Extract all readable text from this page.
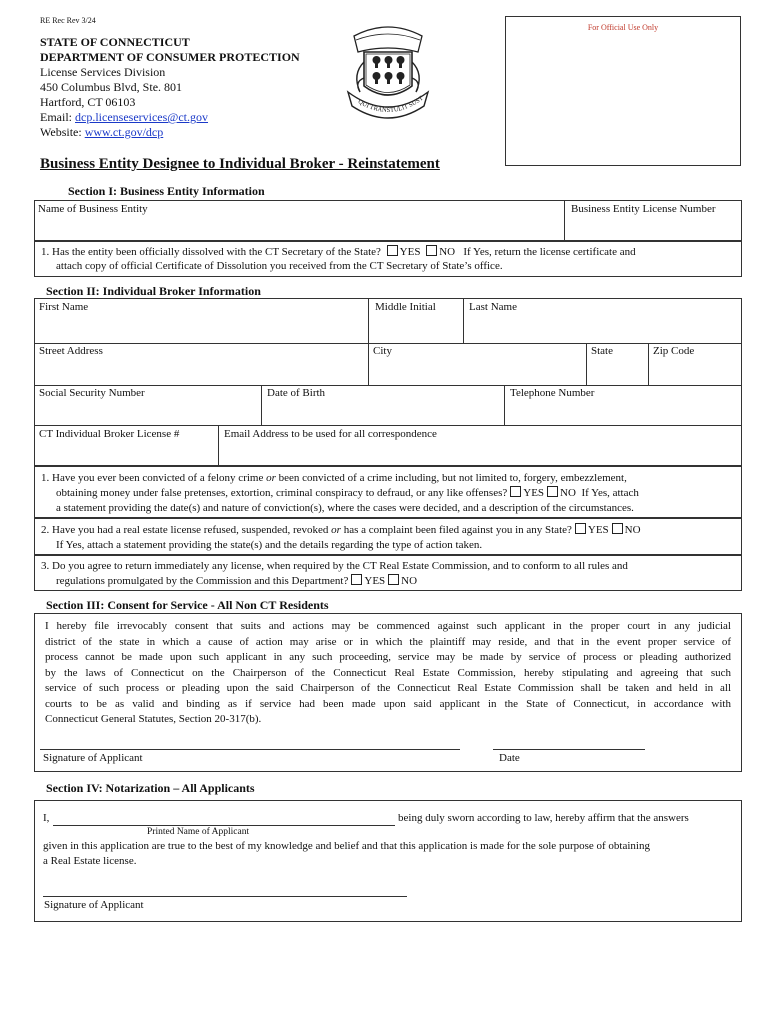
RE Rec Rev 3/24
STATE OF CONNECTICUT
DEPARTMENT OF CONSUMER PROTECTION
License Services Division
450 Columbus Blvd, Ste. 801
Hartford, CT 06103
Email: dcp.licenseservices@ct.gov
Website: www.ct.gov/dcp
QUI TRANSTULIT SUST
For Official Use Only
Business Entity Designee to Individual Broker - Reinstatement
Section I: Business Entity Information
Name of Business Entity	Business Entity License Number
1. Has the entity been officially dissolved with the CT Secretary of the State? YES NO If Yes, return the license certificate and
attach copy of official Certificate of Dissolution you received from the CT Secretary of State’s office.
Section II: Individual Broker Information
First Name	Middle Initial	Last Name
Street Address	City	State	Zip Code
Social Security Number	Date of Birth	Telephone Number
CT Individual Broker License #	Email Address to be used for all correspondence
1. Have you ever been convicted of a felony crime or been convicted of a crime including, but not limited to, forgery, embezzlement,
obtaining money under false pretenses, extortion, criminal conspiracy to defraud, or any like offenses? YES NO If Yes, attach
a statement providing the date(s) and nature of conviction(s), where the cases were decided, and a description of the circumstances.
2. Have you had a real estate license refused, suspended, revoked or has a complaint been filed against you in any State? YES NO
If Yes, attach a statement providing the state(s) and the details regarding the type of action taken.
3. Do you agree to return immediately any license, when required by the CT Real Estate Commission, and to conform to all rules and
regulations promulgated by the Commission and this Department? YES NO
Section III: Consent for Service - All Non CT Residents
I hereby file irrevocably consent that suits and actions may be commenced against such applicant in the proper court in any judicial
district of the state in which a cause of action may arise or in which the plaintiff may reside, and that in the event proper service of
process cannot be made upon such applicant in any such proceeding, service may be made by service of process or pleading authorized
by the laws of Connecticut on the Chairperson of the Connecticut Real Estate Commission, hereby stipulating and agreeing that such
service of such process or pleading upon the said Chairperson of the Connecticut Real Estate Commission shall be taken and held in all
courts to be as valid and binding as if service had been made upon said applicant in the State of Connecticut, in accordance with
Connecticut General Statutes, Section 20-317(b).
Signature of Applicant	Date
Section IV: Notarization – All Applicants
I,	being duly sworn according to law, hereby affirm that the answers
Printed Name of Applicant
given in this application are true to the best of my knowledge and belief and that this application is made for the sole purpose of obtaining
a Real Estate license.
Signature of Applicant
